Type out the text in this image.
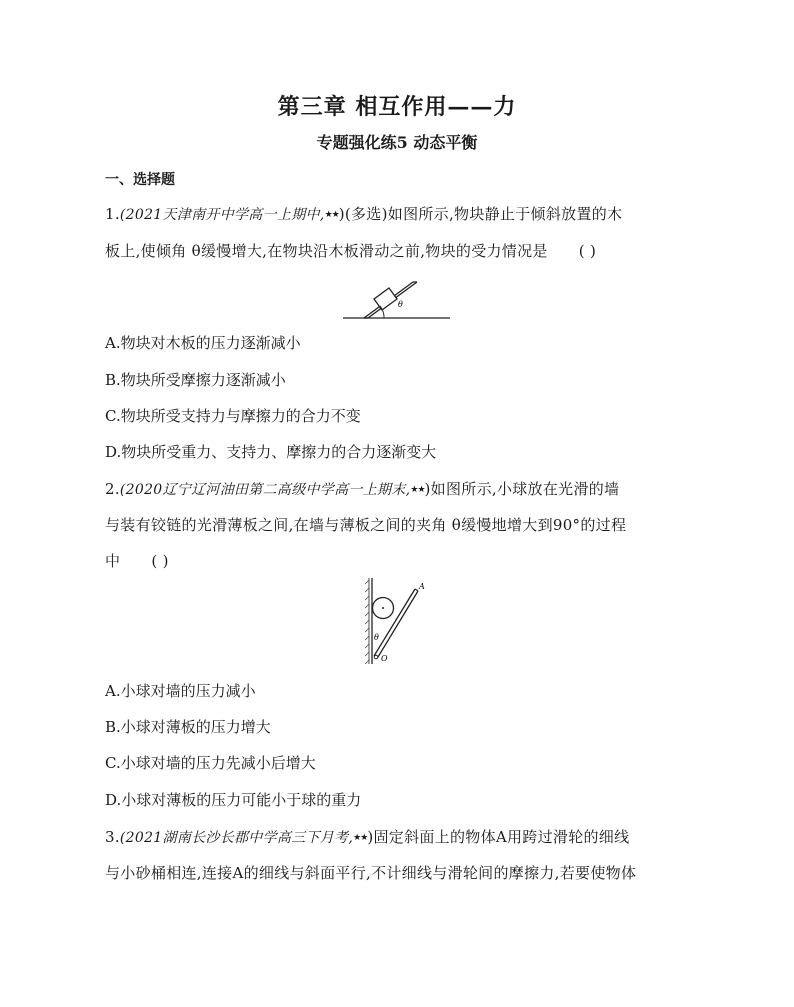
第三章 相互作用——力
专题强化练5 动态平衡
一、选择题
1.(2021天津南开中学高一上期中,★★)(多选)如图所示,物块静止于倾斜放置的木
板上,使倾角 θ缓慢增大,在物块沿木板滑动之前,物块的受力情况是 ( )
θ
A.物块对木板的压力逐渐减小
B.物块所受摩擦力逐渐减小
C.物块所受支持力与摩擦力的合力不变
D.物块所受重力、支持力、摩擦力的合力逐渐变大
2.(2020辽宁辽河油田第二高级中学高一上期末,★★)如图所示,小球放在光滑的墙
与装有铰链的光滑薄板之间,在墙与薄板之间的夹角 θ缓慢地增大到90°的过程
中 ( )
A
θ
O
A.小球对墙的压力减小
B.小球对薄板的压力增大
C.小球对墙的压力先减小后增大
D.小球对薄板的压力可能小于球的重力
3.(2021湖南长沙长郡中学高三下月考,★★)固定斜面上的物体A用跨过滑轮的细线
与小砂桶相连,连接A的细线与斜面平行,不计细线与滑轮间的摩擦力,若要使物体
